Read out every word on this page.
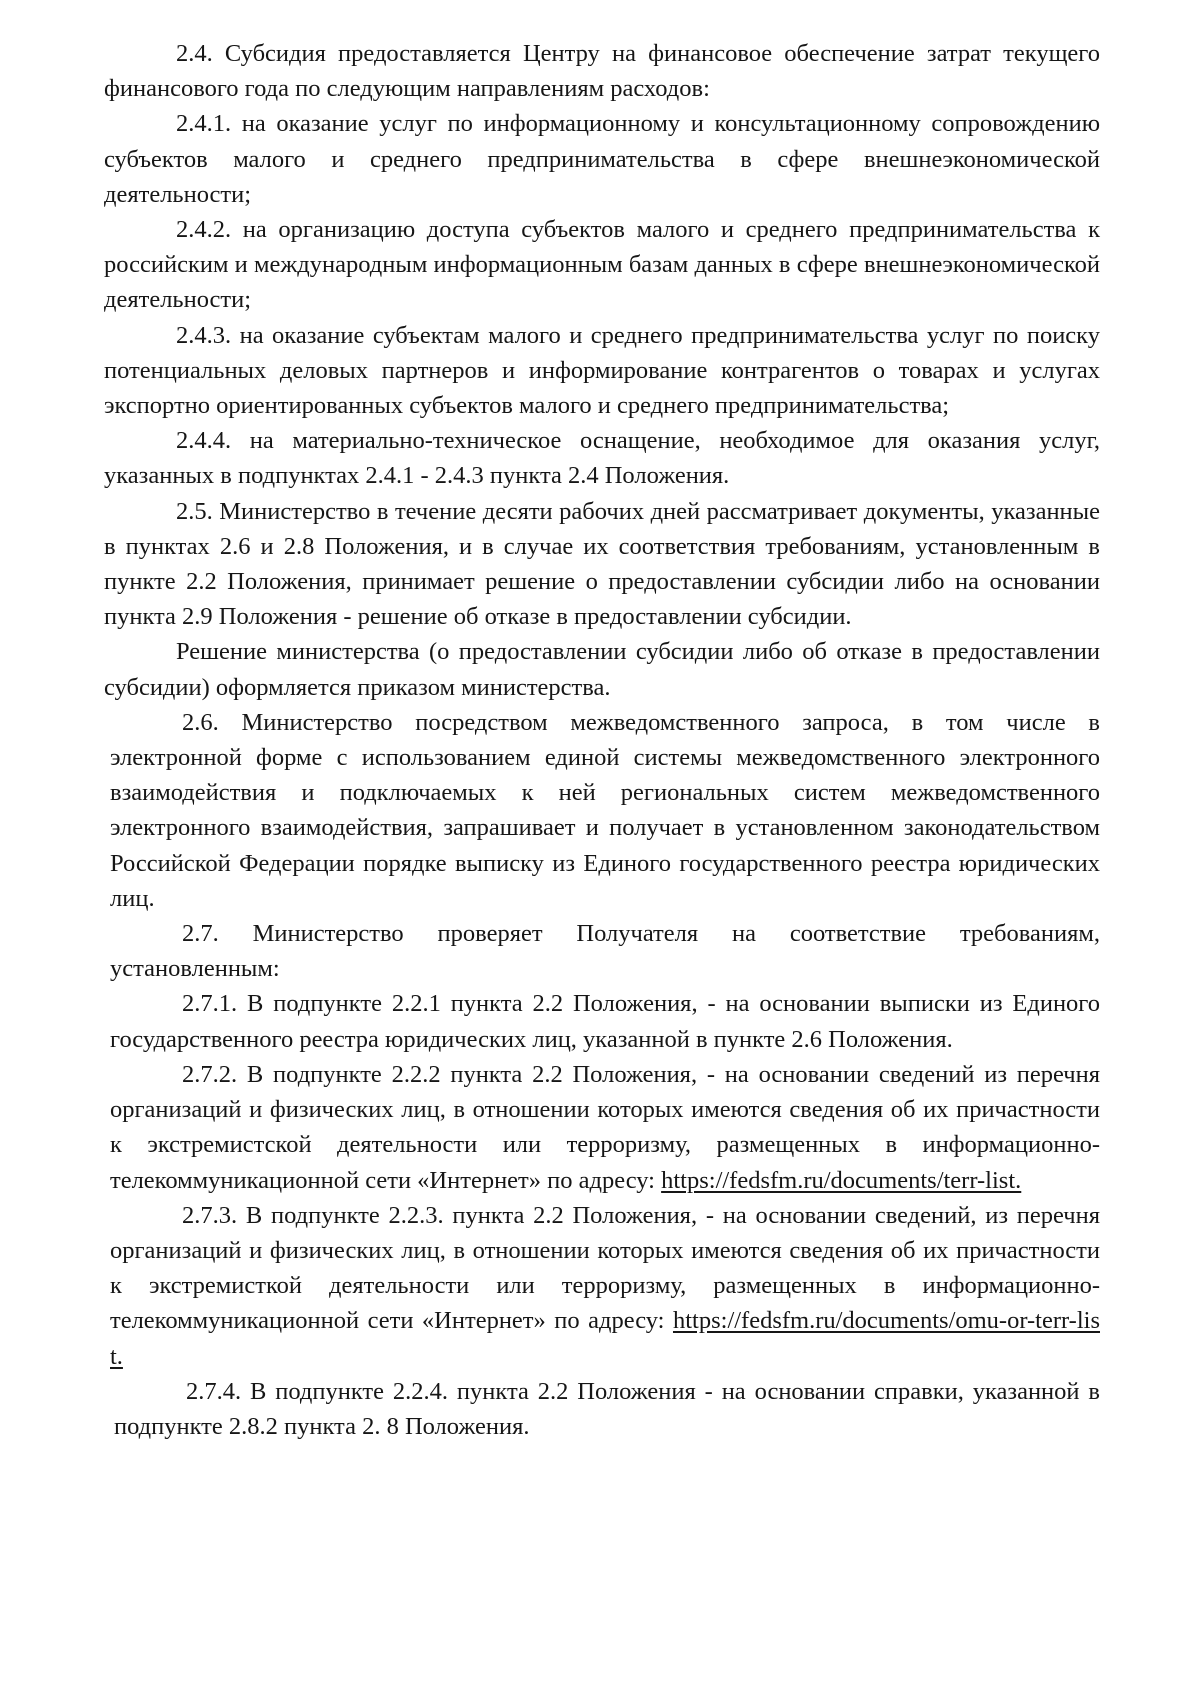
2.4. Субсидия предоставляется Центру на финансовое обеспечение затрат текущего финансового года по следующим направлениям расходов:

2.4.1. на оказание услуг по информационному и консультационному сопровождению субъектов малого и среднего предпринимательства в сфере внешнеэкономической деятельности;

2.4.2. на организацию доступа субъектов малого и среднего предпринимательства к российским и международным информационным базам данных в сфере внешнеэкономической деятельности;

2.4.3. на оказание субъектам малого и среднего предпринимательства услуг по поиску потенциальных деловых партнеров и информирование контрагентов о товарах и услугах экспортно ориентированных субъектов малого и среднего предпринимательства;

2.4.4. на материально-техническое оснащение, необходимое для оказания услуг, указанных в подпунктах 2.4.1 - 2.4.3 пункта 2.4 Положения.

2.5. Министерство в течение десяти рабочих дней рассматривает документы, указанные в пунктах 2.6 и 2.8 Положения, и в случае их соответствия требованиям, установленным в пункте 2.2 Положения, принимает решение о предоставлении субсидии либо на основании пункта 2.9 Положения - решение об отказе в предоставлении субсидии.

Решение министерства (о предоставлении субсидии либо об отказе в предоставлении субсидии) оформляется приказом министерства.

2.6. Министерство посредством межведомственного запроса, в том числе в электронной форме с использованием единой системы межведомственного электронного взаимодействия и подключаемых к ней региональных систем межведомственного электронного взаимодействия, запрашивает и получает в установленном законодательством Российской Федерации порядке выписку из Единого государственного реестра юридических лиц.

2.7. Министерство проверяет Получателя на соответствие требованиям, установленным:

2.7.1. В подпункте 2.2.1 пункта 2.2 Положения, - на основании выписки из Единого государственного реестра юридических лиц, указанной в пункте 2.6 Положения.

2.7.2. В подпункте 2.2.2 пункта 2.2 Положения, - на основании сведений из перечня организаций и физических лиц, в отношении которых имеются сведения об их причастности к экстремистской деятельности или терроризму, размещенных в информационно-телекоммуникационной сети «Интернет» по адресу: https://fedsfm.ru/documents/terr-list.

2.7.3. В подпункте 2.2.3. пункта 2.2 Положения, - на основании сведений, из перечня организаций и физических лиц, в отношении которых имеются сведения об их причастности к экстремисткой деятельности или терроризму, размещенных в информационно-телекоммуникационной сети «Интернет» по адресу: https://fedsfm.ru/documents/omu-or-terr-list.

2.7.4. В подпункте 2.2.4. пункта 2.2 Положения - на основании справки, указанной в подпункте 2.8.2 пункта 2. 8 Положения.
